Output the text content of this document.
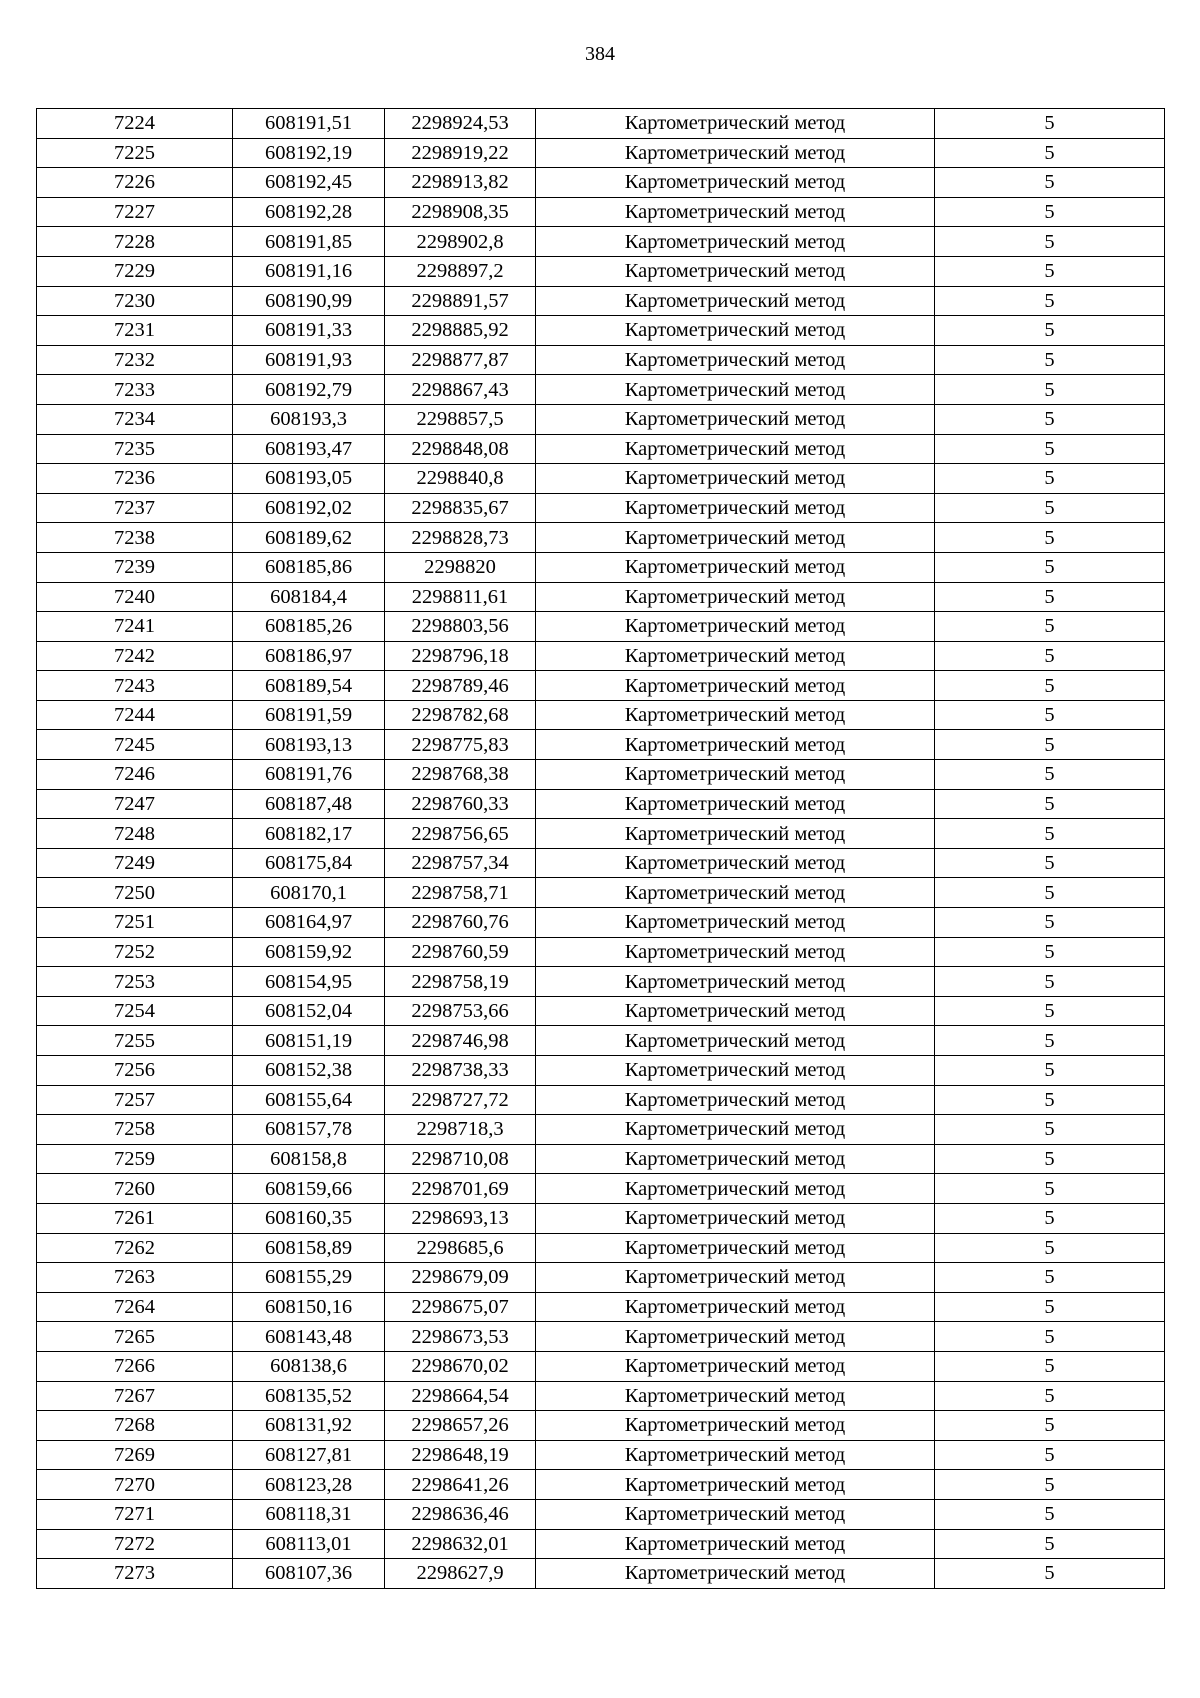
384
7224	608191,51	2298924,53	Картометрический метод	5
7225	608192,19	2298919,22	Картометрический метод	5
7226	608192,45	2298913,82	Картометрический метод	5
7227	608192,28	2298908,35	Картометрический метод	5
7228	608191,85	2298902,8	Картометрический метод	5
7229	608191,16	2298897,2	Картометрический метод	5
7230	608190,99	2298891,57	Картометрический метод	5
7231	608191,33	2298885,92	Картометрический метод	5
7232	608191,93	2298877,87	Картометрический метод	5
7233	608192,79	2298867,43	Картометрический метод	5
7234	608193,3	2298857,5	Картометрический метод	5
7235	608193,47	2298848,08	Картометрический метод	5
7236	608193,05	2298840,8	Картометрический метод	5
7237	608192,02	2298835,67	Картометрический метод	5
7238	608189,62	2298828,73	Картометрический метод	5
7239	608185,86	2298820	Картометрический метод	5
7240	608184,4	2298811,61	Картометрический метод	5
7241	608185,26	2298803,56	Картометрический метод	5
7242	608186,97	2298796,18	Картометрический метод	5
7243	608189,54	2298789,46	Картометрический метод	5
7244	608191,59	2298782,68	Картометрический метод	5
7245	608193,13	2298775,83	Картометрический метод	5
7246	608191,76	2298768,38	Картометрический метод	5
7247	608187,48	2298760,33	Картометрический метод	5
7248	608182,17	2298756,65	Картометрический метод	5
7249	608175,84	2298757,34	Картометрический метод	5
7250	608170,1	2298758,71	Картометрический метод	5
7251	608164,97	2298760,76	Картометрический метод	5
7252	608159,92	2298760,59	Картометрический метод	5
7253	608154,95	2298758,19	Картометрический метод	5
7254	608152,04	2298753,66	Картометрический метод	5
7255	608151,19	2298746,98	Картометрический метод	5
7256	608152,38	2298738,33	Картометрический метод	5
7257	608155,64	2298727,72	Картометрический метод	5
7258	608157,78	2298718,3	Картометрический метод	5
7259	608158,8	2298710,08	Картометрический метод	5
7260	608159,66	2298701,69	Картометрический метод	5
7261	608160,35	2298693,13	Картометрический метод	5
7262	608158,89	2298685,6	Картометрический метод	5
7263	608155,29	2298679,09	Картометрический метод	5
7264	608150,16	2298675,07	Картометрический метод	5
7265	608143,48	2298673,53	Картометрический метод	5
7266	608138,6	2298670,02	Картометрический метод	5
7267	608135,52	2298664,54	Картометрический метод	5
7268	608131,92	2298657,26	Картометрический метод	5
7269	608127,81	2298648,19	Картометрический метод	5
7270	608123,28	2298641,26	Картометрический метод	5
7271	608118,31	2298636,46	Картометрический метод	5
7272	608113,01	2298632,01	Картометрический метод	5
7273	608107,36	2298627,9	Картометрический метод	5
